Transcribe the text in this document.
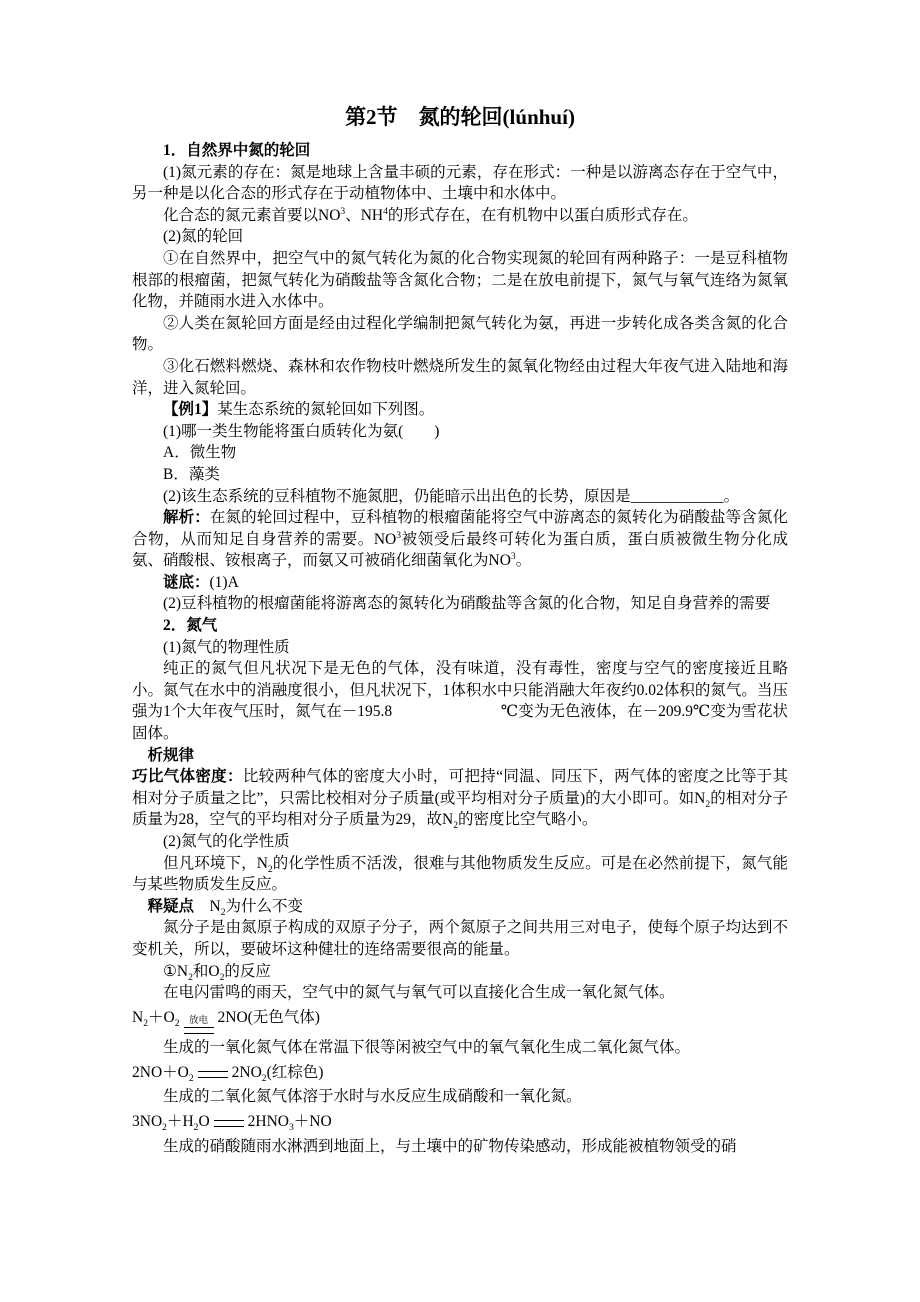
第2节　氮的轮回(lúnhuí)
1．自然界中氮的轮回
(1)氮元素的存在：氮是地球上含量丰硕的元素，存在形式：一种是以游离态存在于空气中，另一种是以化合态的形式存在于动植物体中、土壤中和水体中。
化合态的氮元素首要以$NO^3$、$NH^4$的形式存在，在有机物中以蛋白质形式存在。
(2)氮的轮回
①在自然界中，把空气中的氮气转化为氮的化合物实现氮的轮回有两种路子：一是豆科植物根部的根瘤菌，把氮气转化为硝酸盐等含氮化合物；二是在放电前提下，氮气与氧气连络为氮氧化物，并随雨水进入水体中。
②人类在氮轮回方面是经由过程化学编制把氮气转化为氨，再进一步转化成各类含氮的化合物。
③化石燃料燃烧、森林和农作物枝叶燃烧所发生的氮氧化物经由过程大年夜气进入陆地和海洋，进入氮轮回。
【例1】某生态系统的氮轮回如下列图。
(1)哪一类生物能将蛋白质转化为氨(　　)
A．微生物
B．藻类
(2)该生态系统的豆科植物不施氮肥，仍能暗示出出色的长势，原因是____________。
解析：在氮的轮回过程中，豆科植物的根瘤菌能将空气中游离态的氮转化为硝酸盐等含氮化合物，从而知足自身营养的需要。$NO^3$被领受后最终可转化为蛋白质，蛋白质被微生物分化成氨、硝酸根、铵根离子，而氨又可被硝化细菌氧化为$NO^3$。
谜底：(1)A
(2)豆科植物的根瘤菌能将游离态的氮转化为硝酸盐等含氮的化合物，知足自身营养的需要
2．氮气
(1)氮气的物理性质
纯正的氮气但凡状况下是无色的气体，没有味道，没有毒性，密度与空气的密度接近且略小。氮气在水中的消融度很小，但凡状况下，1体积水中只能消融大年夜约0.02体积的氮气。当压强为1个大年夜气压时，氮气在－195.8　　　　　　　℃变为无色液体，在－209.9℃变为雪花状固体。
析规律
巧比气体密度：比较两种气体的密度大小时，可把持“同温、同压下，两气体的密度之比等于其相对分子质量之比”，只需比校相对分子质量(或平均相对分子质量)的大小即可。如$N_2$的相对分子质量为28，空气的平均相对分子质量为29，故$N_2$的密度比空气略小。
(2)氮气的化学性质
但凡环境下，$N_2$的化学性质不活泼，很难与其他物质发生反应。可是在必然前提下，氮气能与某些物质发生反应。
释疑点　$N_2$为什么不变
氮分子是由氮原子构成的双原子分子，两个氮原子之间共用三对电子，使每个原子均达到不变机关，所以，要破坏这种健壮的连络需要很高的能量。
$①N_2$和$O_2$的反应
在电闪雷鸣的雨天，空气中的氮气与氧气可以直接化合生成一氧化氮气体。
$N_2+O_2$ 放电 2NO(无色气体)
生成的一氧化氮气体在常温下很等闲被空气中的氧气氧化生成二氧化氮气体。
$2NO+O_2$ $2NO_2$(红棕色)
生成的二氧化氮气体溶于水时与水反应生成硝酸和一氧化氮。
$3NO_2+H_2O$ $2HNO_3+NO$
生成的硝酸随雨水淋洒到地面上，与土壤中的矿物传染感动，形成能被植物领受的硝
